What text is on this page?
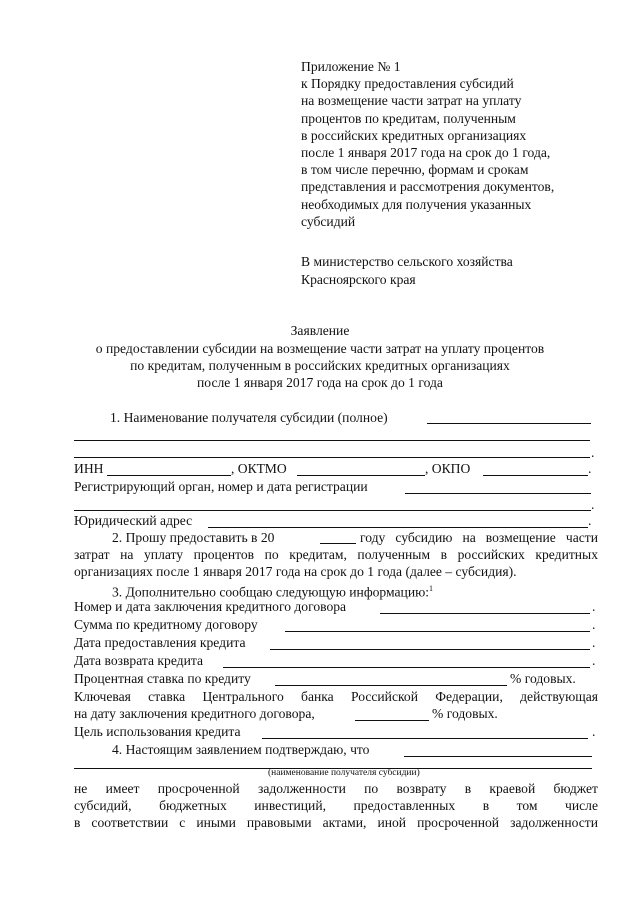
Приложение № 1
к Порядку предоставления субсидий
на возмещение части затрат на уплату
процентов по кредитам, полученным
в российских кредитных организациях
после 1 января 2017 года на срок до 1 года,
в том числе перечню, формам и срокам
представления и рассмотрения документов,
необходимых для получения указанных
субсидий
В министерство сельского хозяйства
Красноярского края
Заявление
о предоставлении субсидии на возмещение части затрат на уплату процентов
по кредитам, полученным в российских кредитных организациях
после 1 января 2017 года на срок до 1 года
1. Наименование получателя субсидии (полное)
.
ИНН	, ОКТМО	, ОКПО	.
Регистрирующий орган, номер и дата регистрации
.
Юридический адрес	.
2. Прошу предоставить в 20	году субсидию на возмещение части
затрат на уплату процентов по кредитам, полученным в российских кредитных
организациях после 1 января 2017 года на срок до 1 года (далее – субсидия).
3. Дополнительно сообщаю следующую информацию:$^1$
Номер и дата заключения кредитного договора	.
Сумма по кредитному договору	.
Дата предоставления кредита	.
Дата возврата кредита	.
Процентная ставка по кредиту	% годовых.
Ключевая ставка Центрального банка Российской Федерации, действующая
на дату заключения кредитного договора,	% годовых.
Цель использования кредита	.
4. Настоящим заявлением подтверждаю, что
(наименование получателя субсидии)
не имеет просроченной задолженности по возврату в краевой бюджет
субсидий, бюджетных инвестиций, предоставленных в том числе
в соответствии с иными правовыми актами, иной просроченной задолженности
